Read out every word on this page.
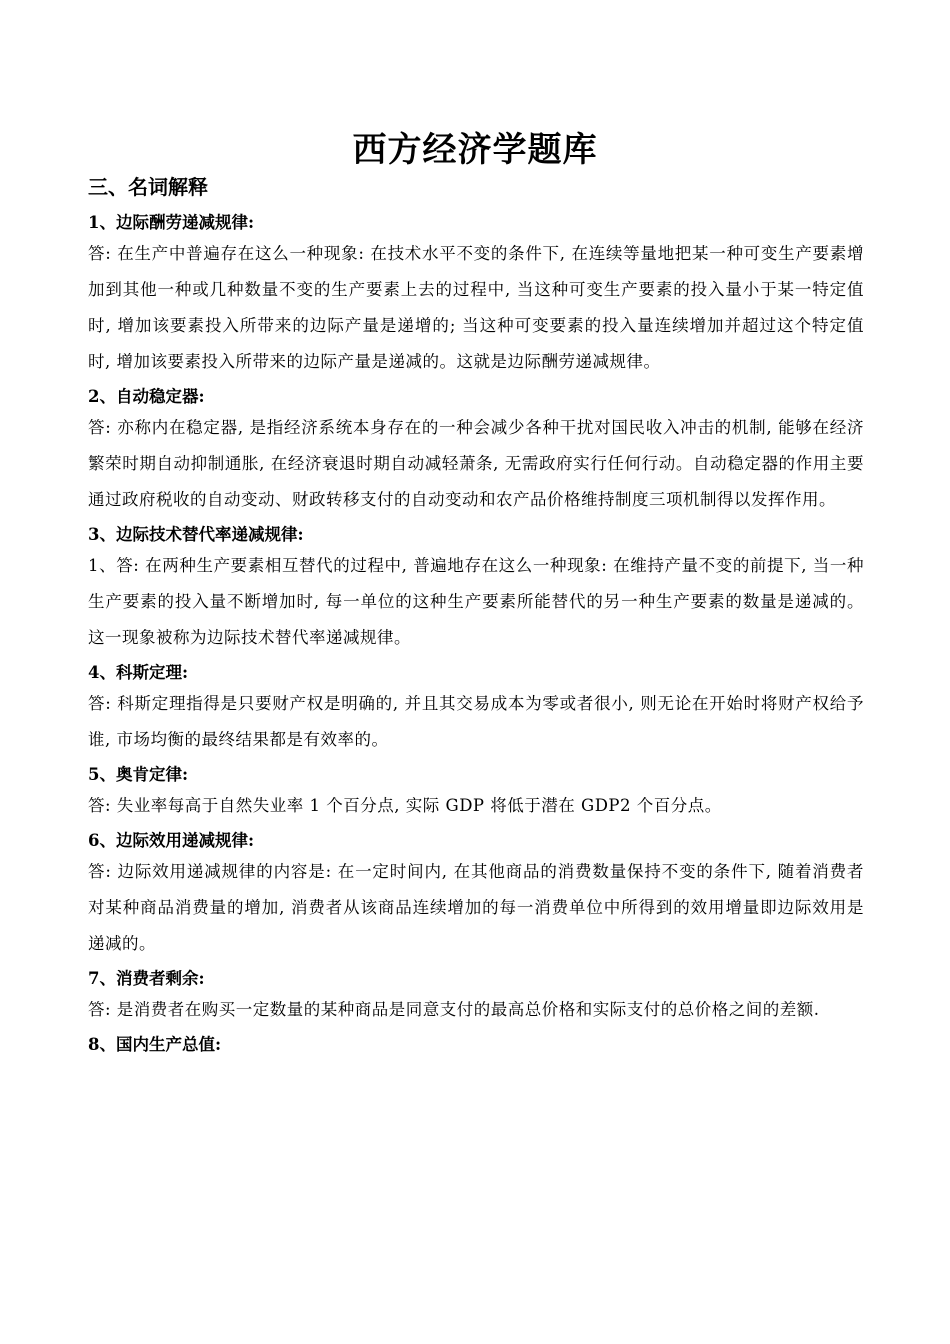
西方经济学题库
三、名词解释
1、边际酬劳递减规律:
答: 在生产中普遍存在这么一种现象: 在技术水平不变的条件下, 在连续等量地把某一种可变生产要素增加到其他一种或几种数量不变的生产要素上去的过程中, 当这种可变生产要素的投入量小于某一特定值时, 增加该要素投入所带来的边际产量是递增的; 当这种可变要素的投入量连续增加并超过这个特定值时, 增加该要素投入所带来的边际产量是递减的。这就是边际酬劳递减规律。
2、自动稳定器:
答: 亦称内在稳定器, 是指经济系统本身存在的一种会减少各种干扰对国民收入冲击的机制, 能够在经济繁荣时期自动抑制通胀, 在经济衰退时期自动减轻萧条, 无需政府实行任何行动。自动稳定器的作用主要通过政府税收的自动变动、财政转移支付的自动变动和农产品价格维持制度三项机制得以发挥作用。
3、边际技术替代率递减规律:
1、答: 在两种生产要素相互替代的过程中, 普遍地存在这么一种现象: 在维持产量不变的前提下, 当一种生产要素的投入量不断增加时, 每一单位的这种生产要素所能替代的另一种生产要素的数量是递减的。这一现象被称为边际技术替代率递减规律。
4、科斯定理:
答: 科斯定理指得是只要财产权是明确的, 并且其交易成本为零或者很小, 则无论在开始时将财产权给予谁, 市场均衡的最终结果都是有效率的。
5、奥肯定律:
答: 失业率每高于自然失业率 1 个百分点, 实际 GDP 将低于潜在 GDP2 个百分点。
6、边际效用递减规律:
答: 边际效用递减规律的内容是: 在一定时间内, 在其他商品的消费数量保持不变的条件下, 随着消费者对某种商品消费量的增加, 消费者从该商品连续增加的每一消费单位中所得到的效用增量即边际效用是递减的。
7、消费者剩余:
答: 是消费者在购买一定数量的某种商品是同意支付的最高总价格和实际支付的总价格之间的差额.
8、国内生产总值:
